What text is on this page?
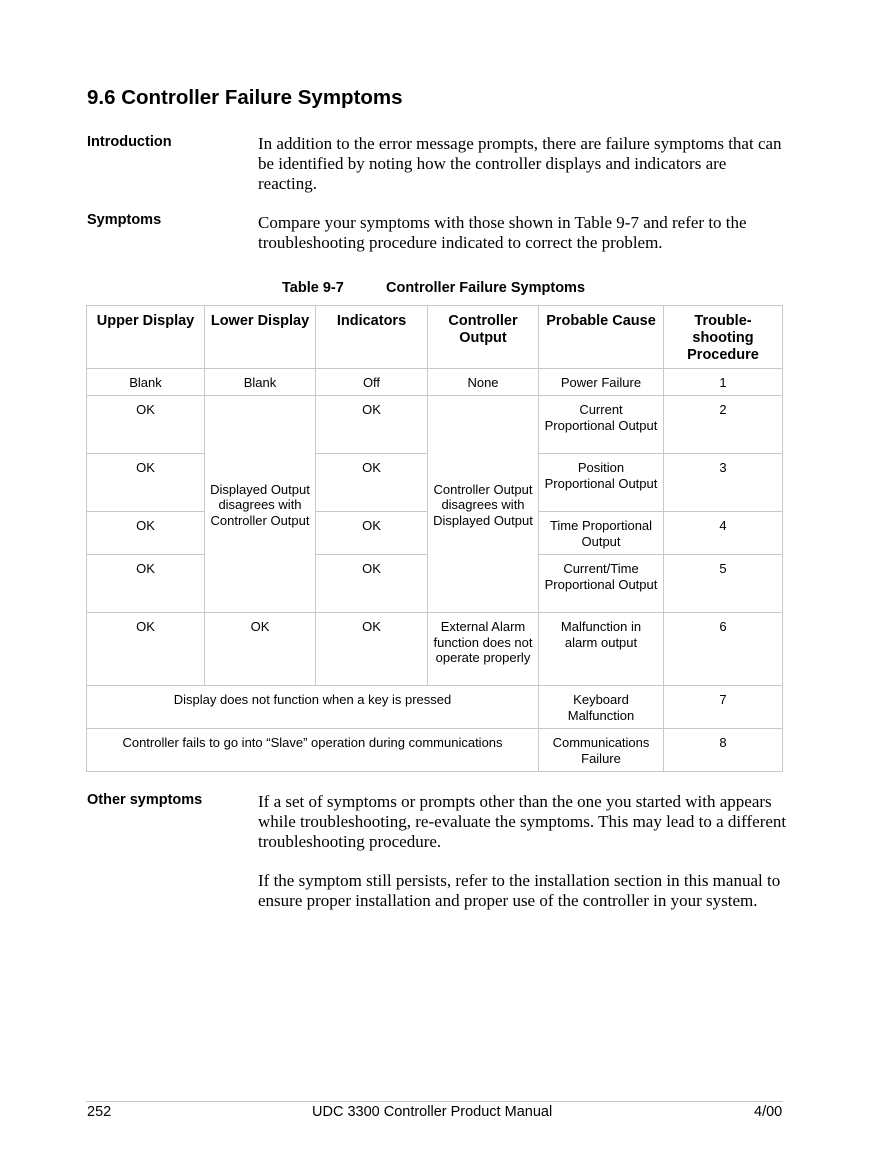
9.6 Controller Failure Symptoms
Introduction	In addition to the error message prompts, there are failure symptoms that can be identified by noting how the controller displays and indicators are reacting.
Symptoms	Compare your symptoms with those shown in Table 9-7 and refer to the troubleshooting procedure indicated to correct the problem.
Table 9-7	Controller Failure Symptoms
Upper Display	Lower Display	Indicators	Controller Output	Probable Cause	Trouble-shooting Procedure
Blank	Blank	Off	None	Power Failure	1
OK	Displayed Output disagrees with Controller Output	OK	Controller Output disagrees with Displayed Output	Current Proportional Output	2
OK		OK		Position Proportional Output	3
OK		OK		Time Proportional Output	4
OK		OK		Current/Time Proportional Output	5
OK	OK	OK	External Alarm function does not operate properly	Malfunction in alarm output	6
Display does not function when a key is pressed				Keyboard Malfunction	7
Controller fails to go into “Slave” operation during communications				Communications Failure	8
Other symptoms	If a set of symptoms or prompts other than the one you started with appears while troubleshooting, re-evaluate the symptoms. This may lead to a different troubleshooting procedure.
If the symptom still persists, refer to the installation section in this manual to ensure proper installation and proper use of the controller in your system.
252	UDC 3300 Controller Product Manual	4/00
